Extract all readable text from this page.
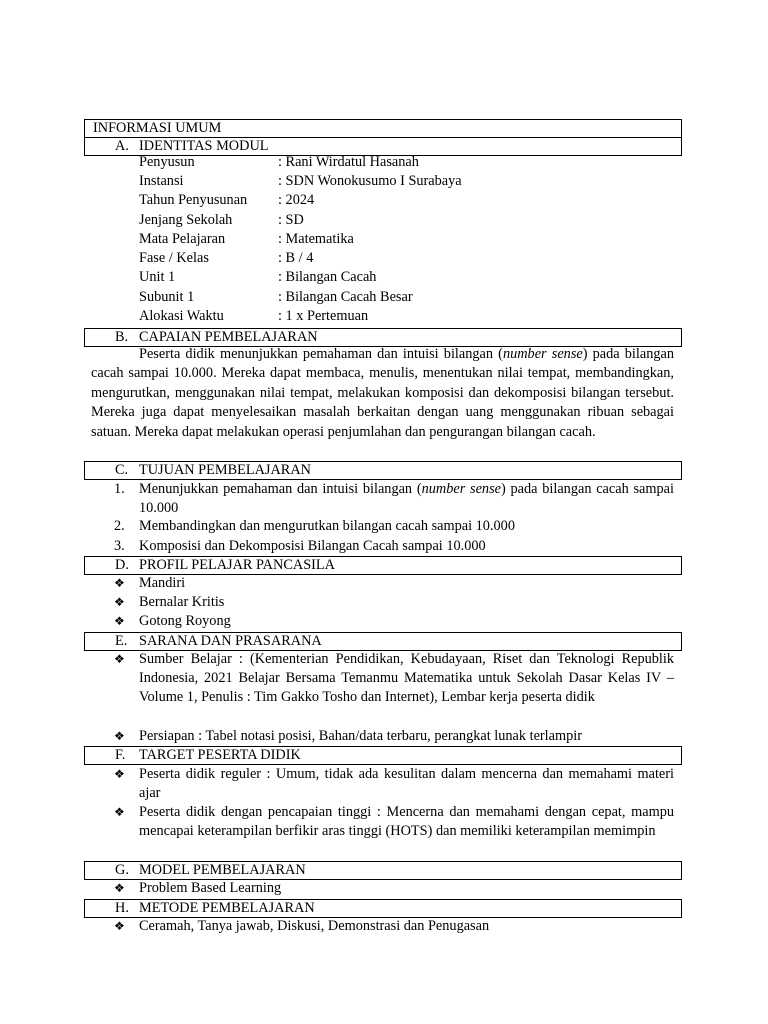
INFORMASI UMUM
A. IDENTITAS MODUL
Penyusun	: Rani Wirdatul Hasanah
Instansi	: SDN Wonokusumo I Surabaya
Tahun Penyusunan : 2024
Jenjang Sekolah	: SD
Mata Pelajaran	: Matematika
Fase / Kelas	: B / 4
Unit 1	: Bilangan Cacah
Subunit 1	: Bilangan Cacah Besar
Alokasi Waktu	: 1 x Pertemuan
B. CAPAIAN PEMBELAJARAN

Peserta didik menunjukkan pemahaman dan intuisi bilangan (number sense) pada bilangan cacah sampai 10.000. Mereka dapat membaca, menulis, menentukan nilai tempat, membandingkan, mengurutkan, menggunakan nilai tempat, melakukan komposisi dan dekomposisi bilangan tersebut. Mereka juga dapat menyelesaikan masalah berkaitan dengan uang menggunakan ribuan sebagai satuan. Mereka dapat melakukan operasi penjumlahan dan pengurangan bilangan cacah.

C. TUJUAN PEMBELAJARAN
1. Menunjukkan pemahaman dan intuisi bilangan (number sense) pada bilangan cacah sampai 10.000
2. Membandingkan dan mengurutkan bilangan cacah sampai 10.000
3. Komposisi dan Dekomposisi Bilangan Cacah sampai 10.000
D. PROFIL PELAJAR PANCASILA
❖ Mandiri
❖ Bernalar Kritis
❖ Gotong Royong
E. SARANA DAN PRASARANA
❖ Sumber Belajar : (Kementerian Pendidikan, Kebudayaan, Riset dan Teknologi Republik Indonesia, 2021 Belajar Bersama Temanmu Matematika untuk Sekolah Dasar Kelas IV – Volume 1, Penulis : Tim Gakko Tosho dan Internet), Lembar kerja peserta didik
❖ Persiapan : Tabel notasi posisi, Bahan/data terbaru, perangkat lunak terlampir
F. TARGET PESERTA DIDIK
❖ Peserta didik reguler : Umum, tidak ada kesulitan dalam mencerna dan memahami materi ajar
❖ Peserta didik dengan pencapaian tinggi : Mencerna dan memahami dengan cepat, mampu mencapai keterampilan berfikir aras tinggi (HOTS) dan memiliki keterampilan memimpin
G. MODEL PEMBELAJARAN
❖ Problem Based Learning
H. METODE PEMBELAJARAN
❖ Ceramah, Tanya jawab, Diskusi, Demonstrasi dan Penugasan
